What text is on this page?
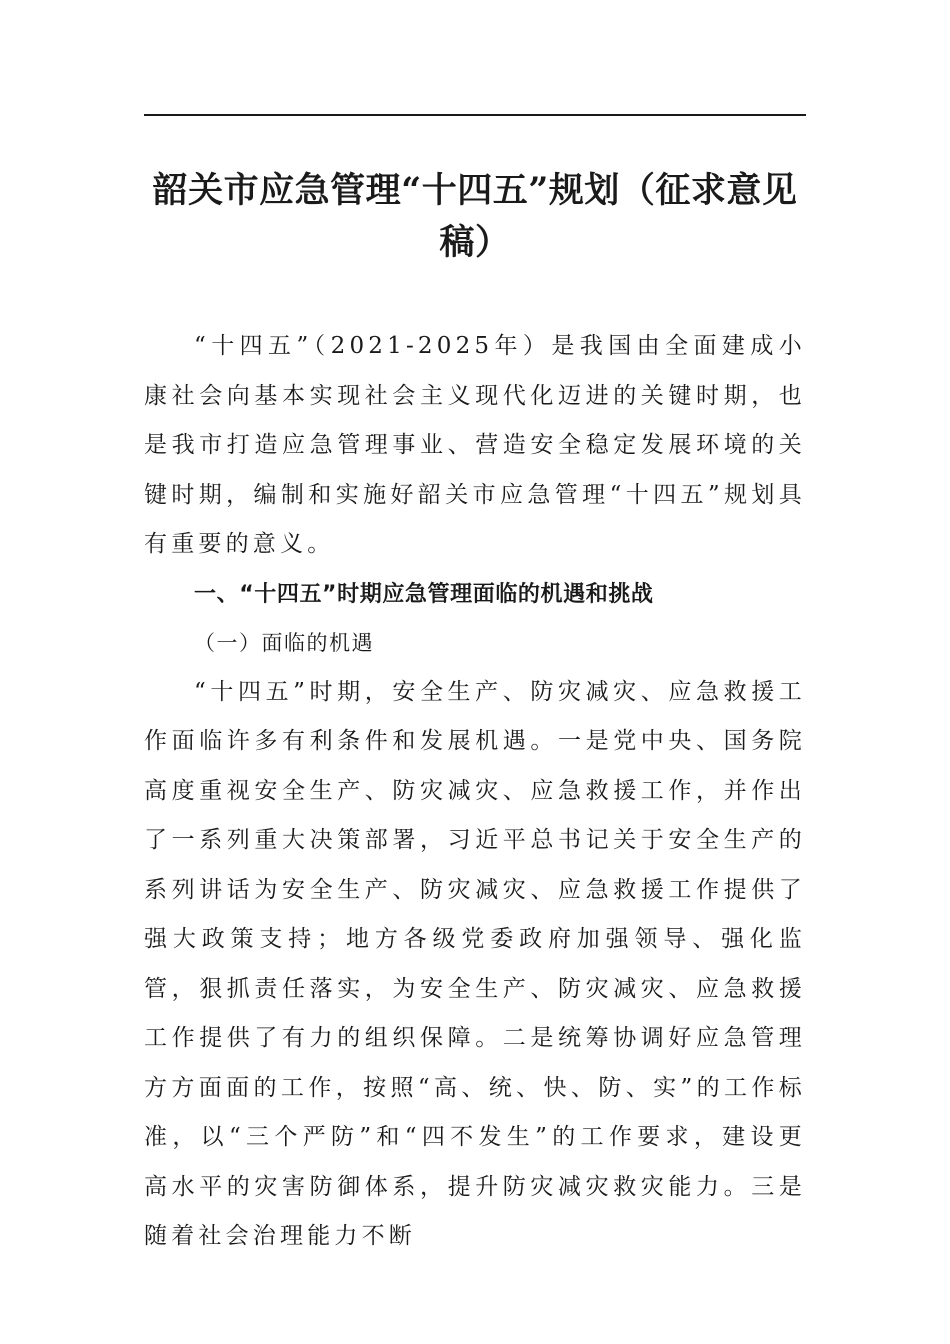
韶关市应急管理“十四五”规划（征求意见稿）

“十四五”（2021-2025年）是我国由全面建成小康社会向基本实现社会主义现代化迈进的关键时期，也是我市打造应急管理事业、营造安全稳定发展环境的关键时期，编制和实施好韶关市应急管理“十四五”规划具有重要的意义。

一、“十四五”时期应急管理面临的机遇和挑战

（一）面临的机遇

“十四五”时期，安全生产、防灾减灾、应急救援工作面临许多有利条件和发展机遇。一是党中央、国务院高度重视安全生产、防灾减灾、应急救援工作，并作出了一系列重大决策部署，习近平总书记关于安全生产的系列讲话为安全生产、防灾减灾、应急救援工作提供了强大政策支持；地方各级党委政府加强领导、强化监管，狠抓责任落实，为安全生产、防灾减灾、应急救援工作提供了有力的组织保障。二是统筹协调好应急管理方方面面的工作，按照“高、统、快、防、实”的工作标准，以“三个严防”和“四不发生”的工作要求，建设更高水平的灾害防御体系，提升防灾减灾救灾能力。三是随着社会治理能力不断
